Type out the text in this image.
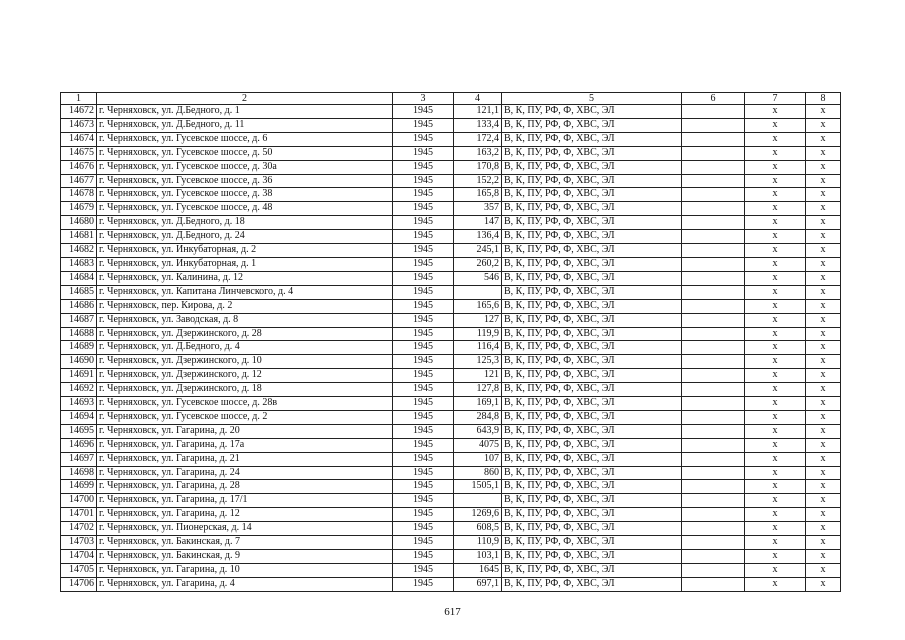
1	2	3	4	5	6	7	8
14672	г. Черняховск, ул. Д.Бедного, д. 1	1945	121,1	В, К, ПУ, РФ, Ф, ХВС, ЭЛ		х	х
14673	г. Черняховск, ул. Д.Бедного, д. 11	1945	133,4	В, К, ПУ, РФ, Ф, ХВС, ЭЛ		х	х
14674	г. Черняховск, ул. Гусевское шоссе, д. 6	1945	172,4	В, К, ПУ, РФ, Ф, ХВС, ЭЛ		х	х
14675	г. Черняховск, ул. Гусевское шоссе, д. 50	1945	163,2	В, К, ПУ, РФ, Ф, ХВС, ЭЛ		х	х
14676	г. Черняховск, ул. Гусевское шоссе, д. 30а	1945	170,8	В, К, ПУ, РФ, Ф, ХВС, ЭЛ		х	х
14677	г. Черняховск, ул. Гусевское шоссе, д. 36	1945	152,2	В, К, ПУ, РФ, Ф, ХВС, ЭЛ		х	х
14678	г. Черняховск, ул. Гусевское шоссе, д. 38	1945	165,8	В, К, ПУ, РФ, Ф, ХВС, ЭЛ		х	х
14679	г. Черняховск, ул. Гусевское шоссе, д. 48	1945	357	В, К, ПУ, РФ, Ф, ХВС, ЭЛ		х	х
14680	г. Черняховск, ул. Д.Бедного, д. 18	1945	147	В, К, ПУ, РФ, Ф, ХВС, ЭЛ		х	х
14681	г. Черняховск, ул. Д.Бедного, д. 24	1945	136,4	В, К, ПУ, РФ, Ф, ХВС, ЭЛ		х	х
14682	г. Черняховск, ул. Инкубаторная, д. 2	1945	245,1	В, К, ПУ, РФ, Ф, ХВС, ЭЛ		х	х
14683	г. Черняховск, ул. Инкубаторная, д. 1	1945	260,2	В, К, ПУ, РФ, Ф, ХВС, ЭЛ		х	х
14684	г. Черняховск, ул. Калинина, д. 12	1945	546	В, К, ПУ, РФ, Ф, ХВС, ЭЛ		х	х
14685	г. Черняховск, ул. Капитана Линчевского, д. 4	1945		В, К, ПУ, РФ, Ф, ХВС, ЭЛ		х	х
14686	г. Черняховск, пер. Кирова, д. 2	1945	165,6	В, К, ПУ, РФ, Ф, ХВС, ЭЛ		х	х
14687	г. Черняховск, ул. Заводская, д. 8	1945	127	В, К, ПУ, РФ, Ф, ХВС, ЭЛ		х	х
14688	г. Черняховск, ул. Дзержинского, д. 28	1945	119,9	В, К, ПУ, РФ, Ф, ХВС, ЭЛ		х	х
14689	г. Черняховск, ул. Д.Бедного, д. 4	1945	116,4	В, К, ПУ, РФ, Ф, ХВС, ЭЛ		х	х
14690	г. Черняховск, ул. Дзержинского, д. 10	1945	125,3	В, К, ПУ, РФ, Ф, ХВС, ЭЛ		х	х
14691	г. Черняховск, ул. Дзержинского, д. 12	1945	121	В, К, ПУ, РФ, Ф, ХВС, ЭЛ		х	х
14692	г. Черняховск, ул. Дзержинского, д. 18	1945	127,8	В, К, ПУ, РФ, Ф, ХВС, ЭЛ		х	х
14693	г. Черняховск, ул. Гусевское шоссе, д. 28в	1945	169,1	В, К, ПУ, РФ, Ф, ХВС, ЭЛ		х	х
14694	г. Черняховск, ул. Гусевское шоссе, д. 2	1945	284,8	В, К, ПУ, РФ, Ф, ХВС, ЭЛ		х	х
14695	г. Черняховск, ул. Гагарина, д. 20	1945	643,9	В, К, ПУ, РФ, Ф, ХВС, ЭЛ		х	х
14696	г. Черняховск, ул. Гагарина, д. 17а	1945	4075	В, К, ПУ, РФ, Ф, ХВС, ЭЛ		х	х
14697	г. Черняховск, ул. Гагарина, д. 21	1945	107	В, К, ПУ, РФ, Ф, ХВС, ЭЛ		х	х
14698	г. Черняховск, ул. Гагарина, д. 24	1945	860	В, К, ПУ, РФ, Ф, ХВС, ЭЛ		х	х
14699	г. Черняховск, ул. Гагарина, д. 28	1945	1505,1	В, К, ПУ, РФ, Ф, ХВС, ЭЛ		х	х
14700	г. Черняховск, ул. Гагарина, д. 17/1	1945		В, К, ПУ, РФ, Ф, ХВС, ЭЛ		х	х
14701	г. Черняховск, ул. Гагарина, д. 12	1945	1269,6	В, К, ПУ, РФ, Ф, ХВС, ЭЛ		х	х
14702	г. Черняховск, ул. Пионерская, д. 14	1945	608,5	В, К, ПУ, РФ, Ф, ХВС, ЭЛ		х	х
14703	г. Черняховск, ул. Бакинская, д. 7	1945	110,9	В, К, ПУ, РФ, Ф, ХВС, ЭЛ		х	х
14704	г. Черняховск, ул. Бакинская, д. 9	1945	103,1	В, К, ПУ, РФ, Ф, ХВС, ЭЛ		х	х
14705	г. Черняховск, ул. Гагарина, д. 10	1945	1645	В, К, ПУ, РФ, Ф, ХВС, ЭЛ		х	х
14706	г. Черняховск, ул. Гагарина, д. 4	1945	697,1	В, К, ПУ, РФ, Ф, ХВС, ЭЛ		х	х
617
